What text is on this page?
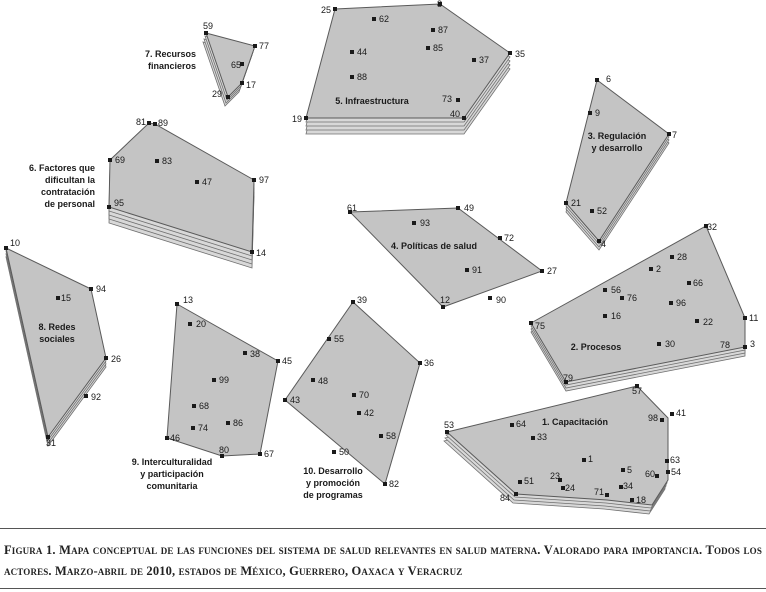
53	64
33
1
23
24
51
84
71
18
34
5 60 54
63
41
98
57
1. Capacitación
32
28
2
66
56
76	96
16
22
30
75
79
78 3
11
2. Procesos
6
9
7
21
52
4
3. Regulación
y desarrollo
61
93
49
72
91	27
12	90
4. Políticas de salud
25
8
62
87
44	85
37
35
88
73
40
19
5. Infraestructura
81 89
69	83
47	97
95
14
6. Factores que
dificultan la
contratación
de personal
59
77
65
17
29
7. Recursos
financieros
10
15
94
26
92
31
8. Redes
sociales
13
20
38
45
99
68
86
74
46
80	67
9. Interculturalidad
y participación
comunitaria
39
55
48
70
42
58
36
43
50
82
10. Desarrollo
y promoción
de programas
Figura 1. Mapa conceptual de las funciones del sistema de salud relevantes en salud materna. Valorado para importancia. Todos los actores. Marzo-abril de 2010, estados de México, Guerrero, Oaxaca y Veracruz
